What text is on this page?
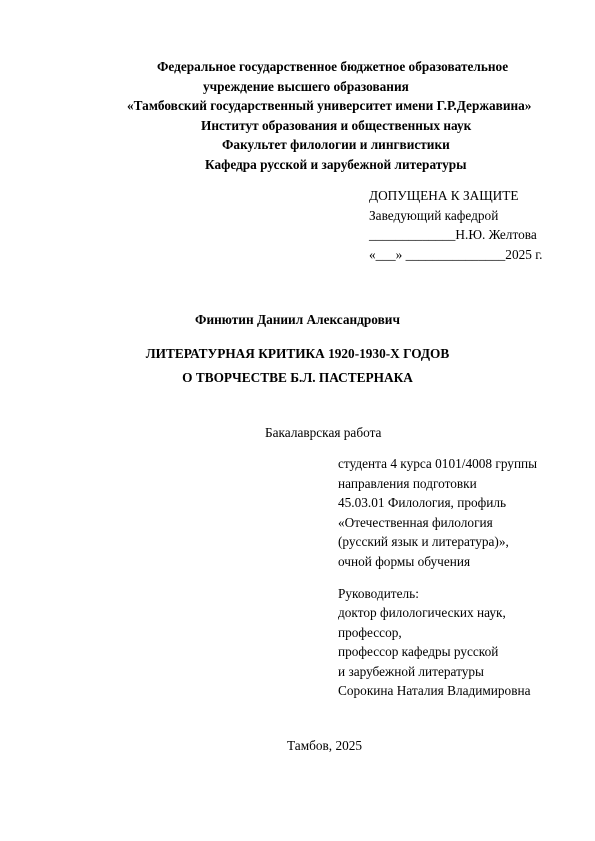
Федеральное государственное бюджетное образовательное
учреждение высшего образования
«Тамбовский государственный университет имени Г.Р.Державина»
Институт образования и общественных наук
Факультет филологии и лингвистики
Кафедра русской и зарубежной литературы
ДОПУЩЕНА К ЗАЩИТЕ
Заведующий кафедрой
_____________Н.Ю. Желтова
«___» _______________2025 г.
Финютин Даниил Александрович
ЛИТЕРАТУРНАЯ КРИТИКА 1920-1930-Х ГОДОВ
О ТВОРЧЕСТВЕ Б.Л. ПАСТЕРНАКА
Бакалаврская работа
студента 4 курса 0101/4008 группы
направления подготовки
45.03.01 Филология, профиль
«Отечественная филология
(русский язык и литература)»,
очной формы обучения
Руководитель:
доктор филологических наук,
профессор,
профессор кафедры русской
и зарубежной литературы
Сорокина Наталия Владимировна
Тамбов, 2025
